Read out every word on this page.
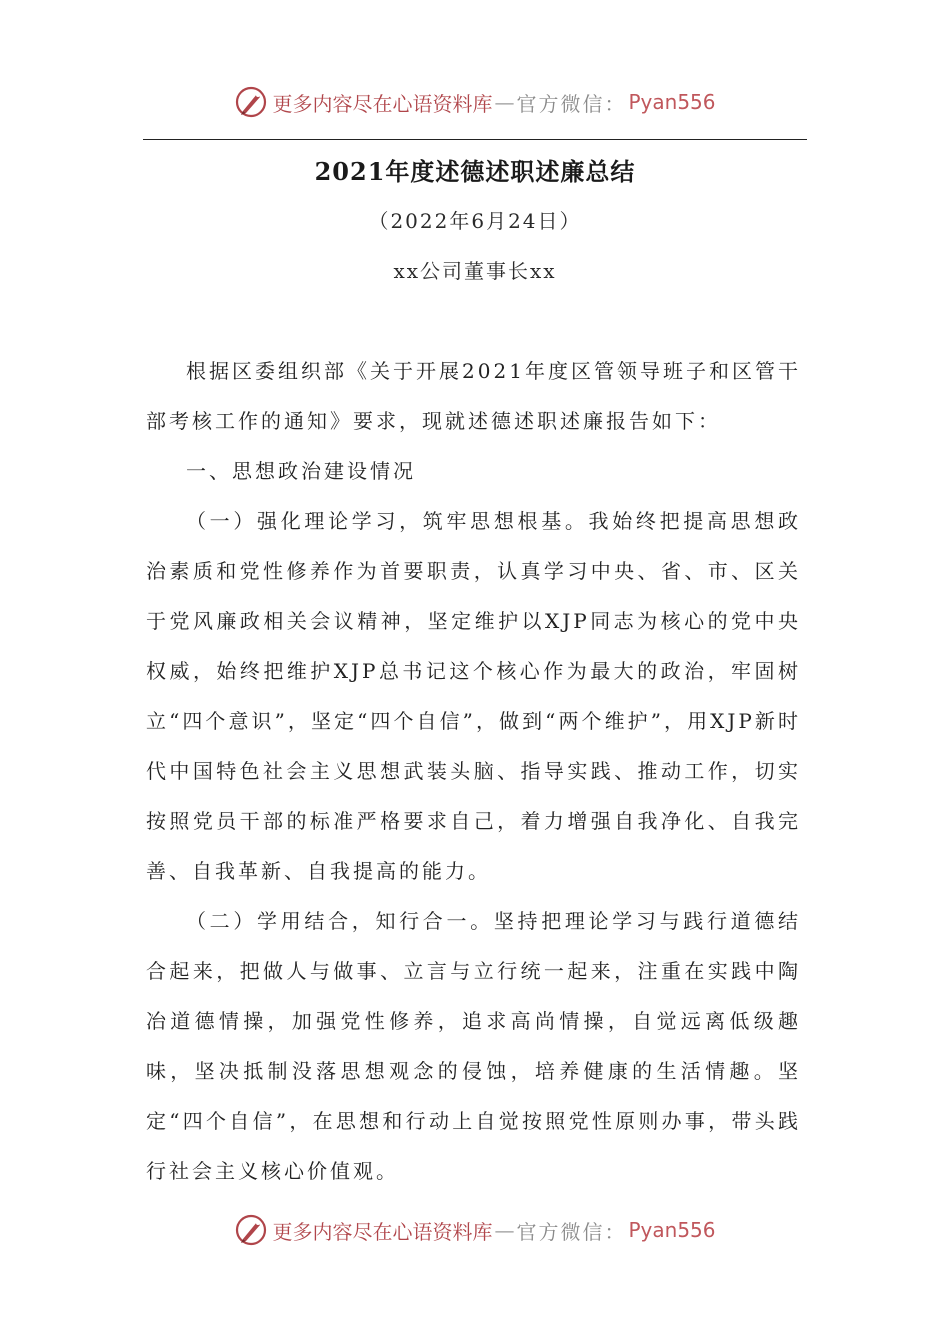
更多内容尽在心语资料库 — 官方微信： Pyan556
2021年度述德述职述廉总结
（2022年6月24日）
xx公司董事长xx

根据区委组织部《关于开展2021年度区管领导班子和区管干部考核工作的通知》要求，现就述德述职述廉报告如下：

一、思想政治建设情况

（一）强化理论学习，筑牢思想根基。我始终把提高思想政治素质和党性修养作为首要职责，认真学习中央、省、市、区关于党风廉政相关会议精神，坚定维护以XJP同志为核心的党中央权威，始终把维护XJP总书记这个核心作为最大的政治，牢固树立“四个意识”，坚定“四个自信”，做到“两个维护”，用XJP新时代中国特色社会主义思想武装头脑、指导实践、推动工作，切实按照党员干部的标准严格要求自己，着力增强自我净化、自我完善、自我革新、自我提高的能力。

（二）学用结合，知行合一。坚持把理论学习与践行道德结合起来，把做人与做事、立言与立行统一起来，注重在实践中陶冶道德情操，加强党性修养，追求高尚情操，自觉远离低级趣味，坚决抵制没落思想观念的侵蚀，培养健康的生活情趣。坚定“四个自信”，在思想和行动上自觉按照党性原则办事，带头践行社会主义核心价值观。

更多内容尽在心语资料库 — 官方微信： Pyan556
